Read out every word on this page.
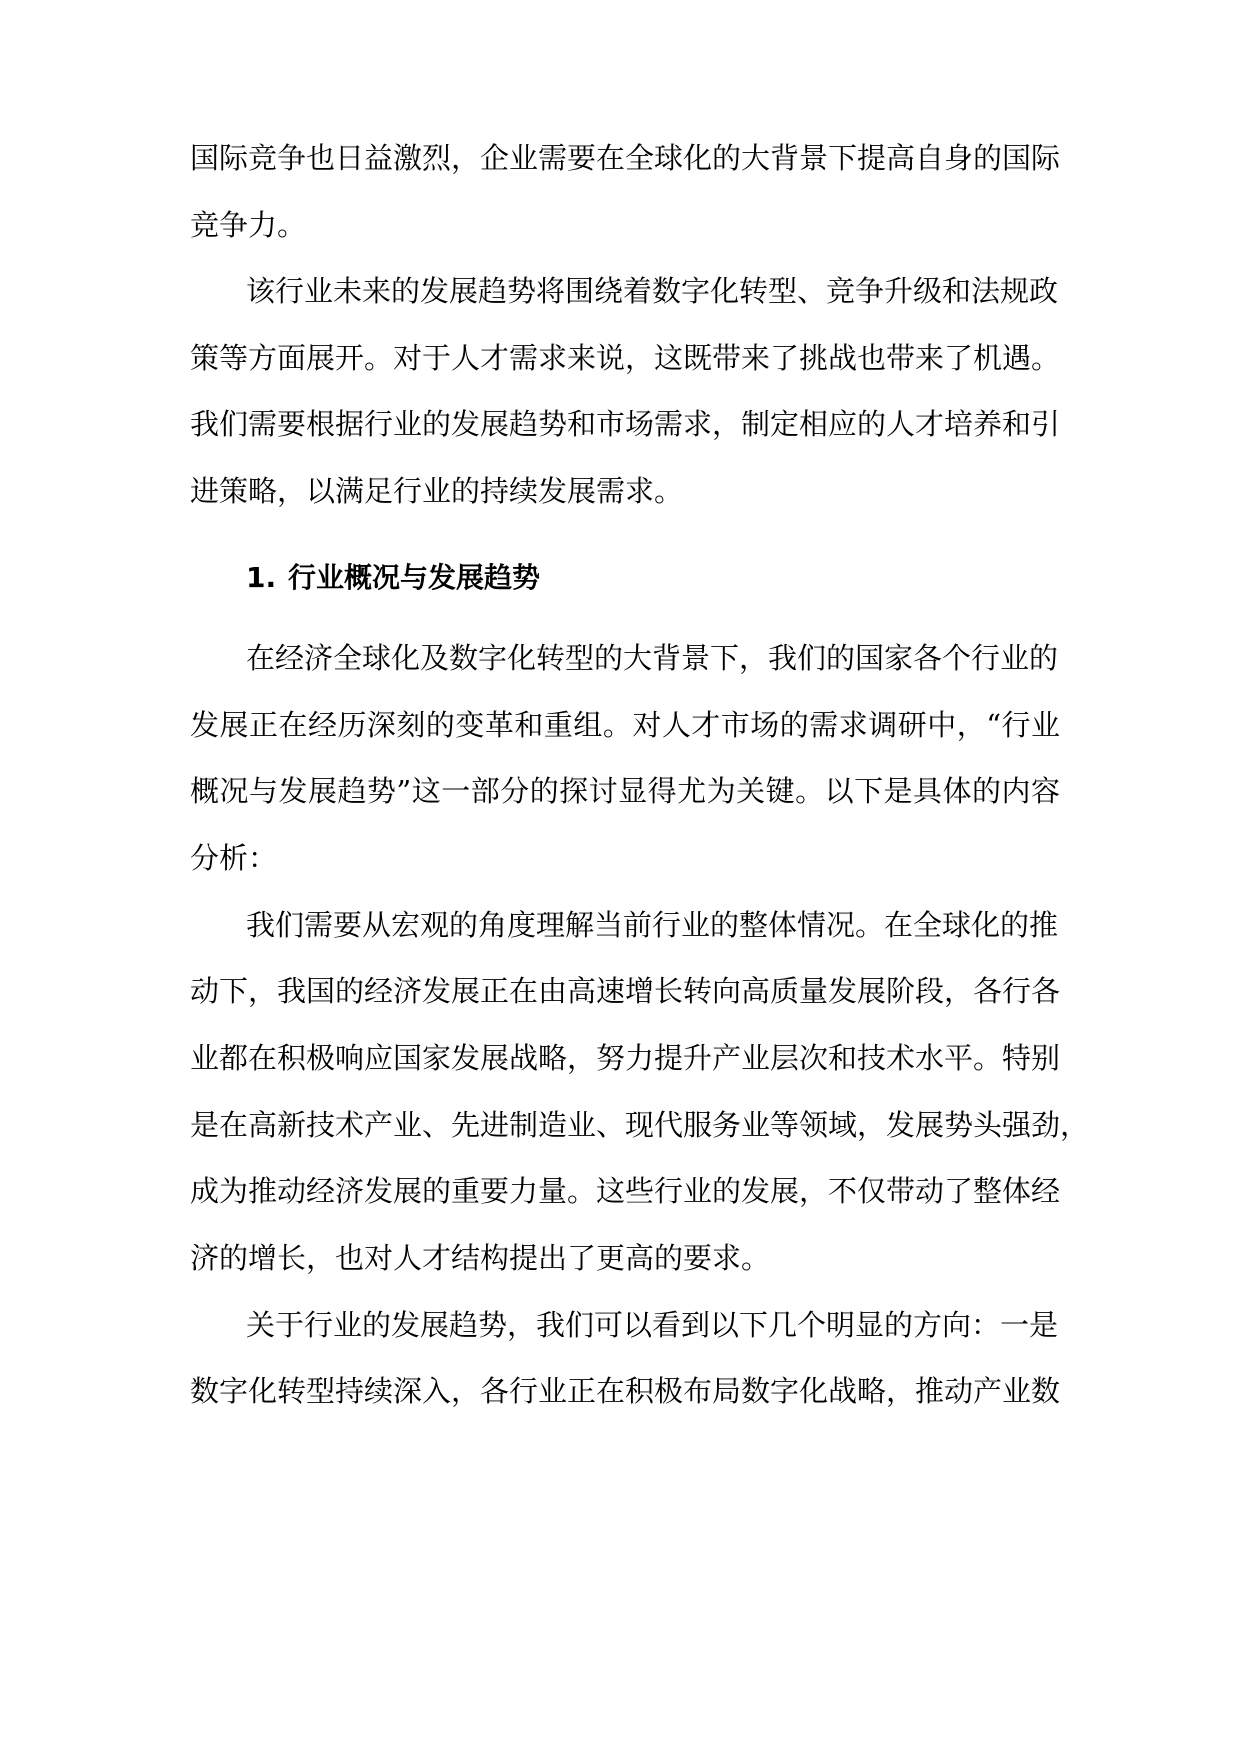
国际竞争也日益激烈，企业需要在全球化的大背景下提高自身的国际
竞争力。
该行业未来的发展趋势将围绕着数字化转型、竞争升级和法规政
策等方面展开。对于人才需求来说，这既带来了挑战也带来了机遇。
我们需要根据行业的发展趋势和市场需求，制定相应的人才培养和引
进策略，以满足行业的持续发展需求。
1. 行业概况与发展趋势
在经济全球化及数字化转型的大背景下，我们的国家各个行业的
发展正在经历深刻的变革和重组。对人才市场的需求调研中，“行业
概况与发展趋势”这一部分的探讨显得尤为关键。以下是具体的内容
分析：
我们需要从宏观的角度理解当前行业的整体情况。在全球化的推
动下，我国的经济发展正在由高速增长转向高质量发展阶段，各行各
业都在积极响应国家发展战略，努力提升产业层次和技术水平。特别
是在高新技术产业、先进制造业、现代服务业等领域，发展势头强劲，
成为推动经济发展的重要力量。这些行业的发展，不仅带动了整体经
济的增长，也对人才结构提出了更高的要求。
关于行业的发展趋势，我们可以看到以下几个明显的方向：一是
数字化转型持续深入，各行业正在积极布局数字化战略，推动产业数
